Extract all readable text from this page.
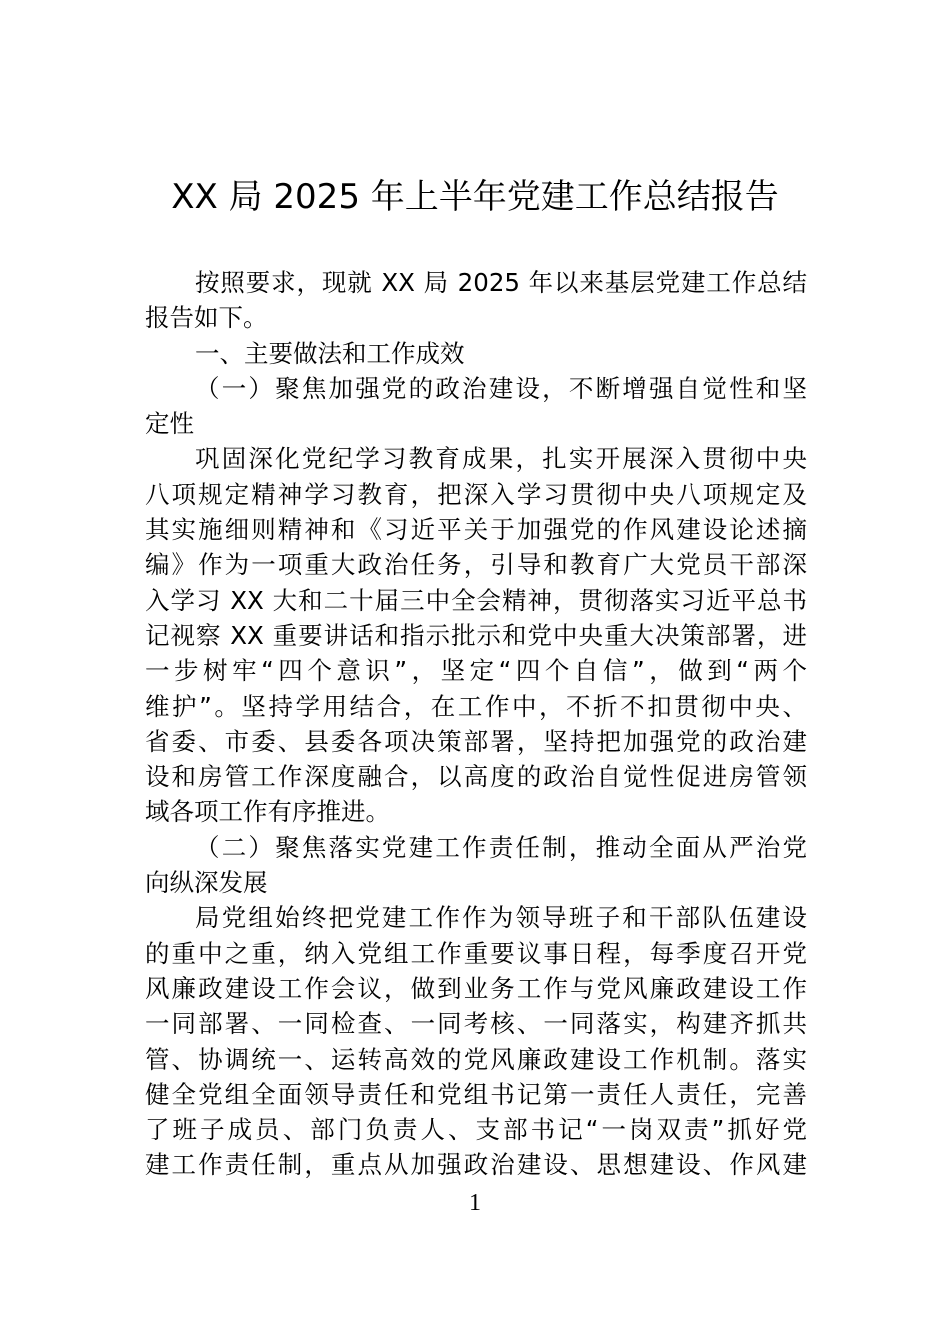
XX 局 2025 年上半年党建工作总结报告
按照要求，现就 XX 局 2025 年以来基层党建工作总结
报告如下。
一、主要做法和工作成效
（一）聚焦加强党的政治建设，不断增强自觉性和坚
定性
巩固深化党纪学习教育成果，扎实开展深入贯彻中央
八项规定精神学习教育，把深入学习贯彻中央八项规定及
其实施细则精神和《习近平关于加强党的作风建设论述摘
编》作为一项重大政治任务，引导和教育广大党员干部深
入学习 XX 大和二十届三中全会精神，贯彻落实习近平总书
记视察 XX 重要讲话和指示批示和党中央重大决策部署，进
一步树牢“四个意识”，坚定“四个自信”，做到“两个
维护”。坚持学用结合，在工作中，不折不扣贯彻中央、
省委、市委、县委各项决策部署，坚持把加强党的政治建
设和房管工作深度融合，以高度的政治自觉性促进房管领
域各项工作有序推进。
（二）聚焦落实党建工作责任制，推动全面从严治党
向纵深发展
局党组始终把党建工作作为领导班子和干部队伍建设
的重中之重，纳入党组工作重要议事日程，每季度召开党
风廉政建设工作会议，做到业务工作与党风廉政建设工作
一同部署、一同检查、一同考核、一同落实，构建齐抓共
管、协调统一、运转高效的党风廉政建设工作机制。落实
健全党组全面领导责任和党组书记第一责任人责任，完善
了班子成员、部门负责人、支部书记“一岗双责”抓好党
建工作责任制，重点从加强政治建设、思想建设、作风建
1
